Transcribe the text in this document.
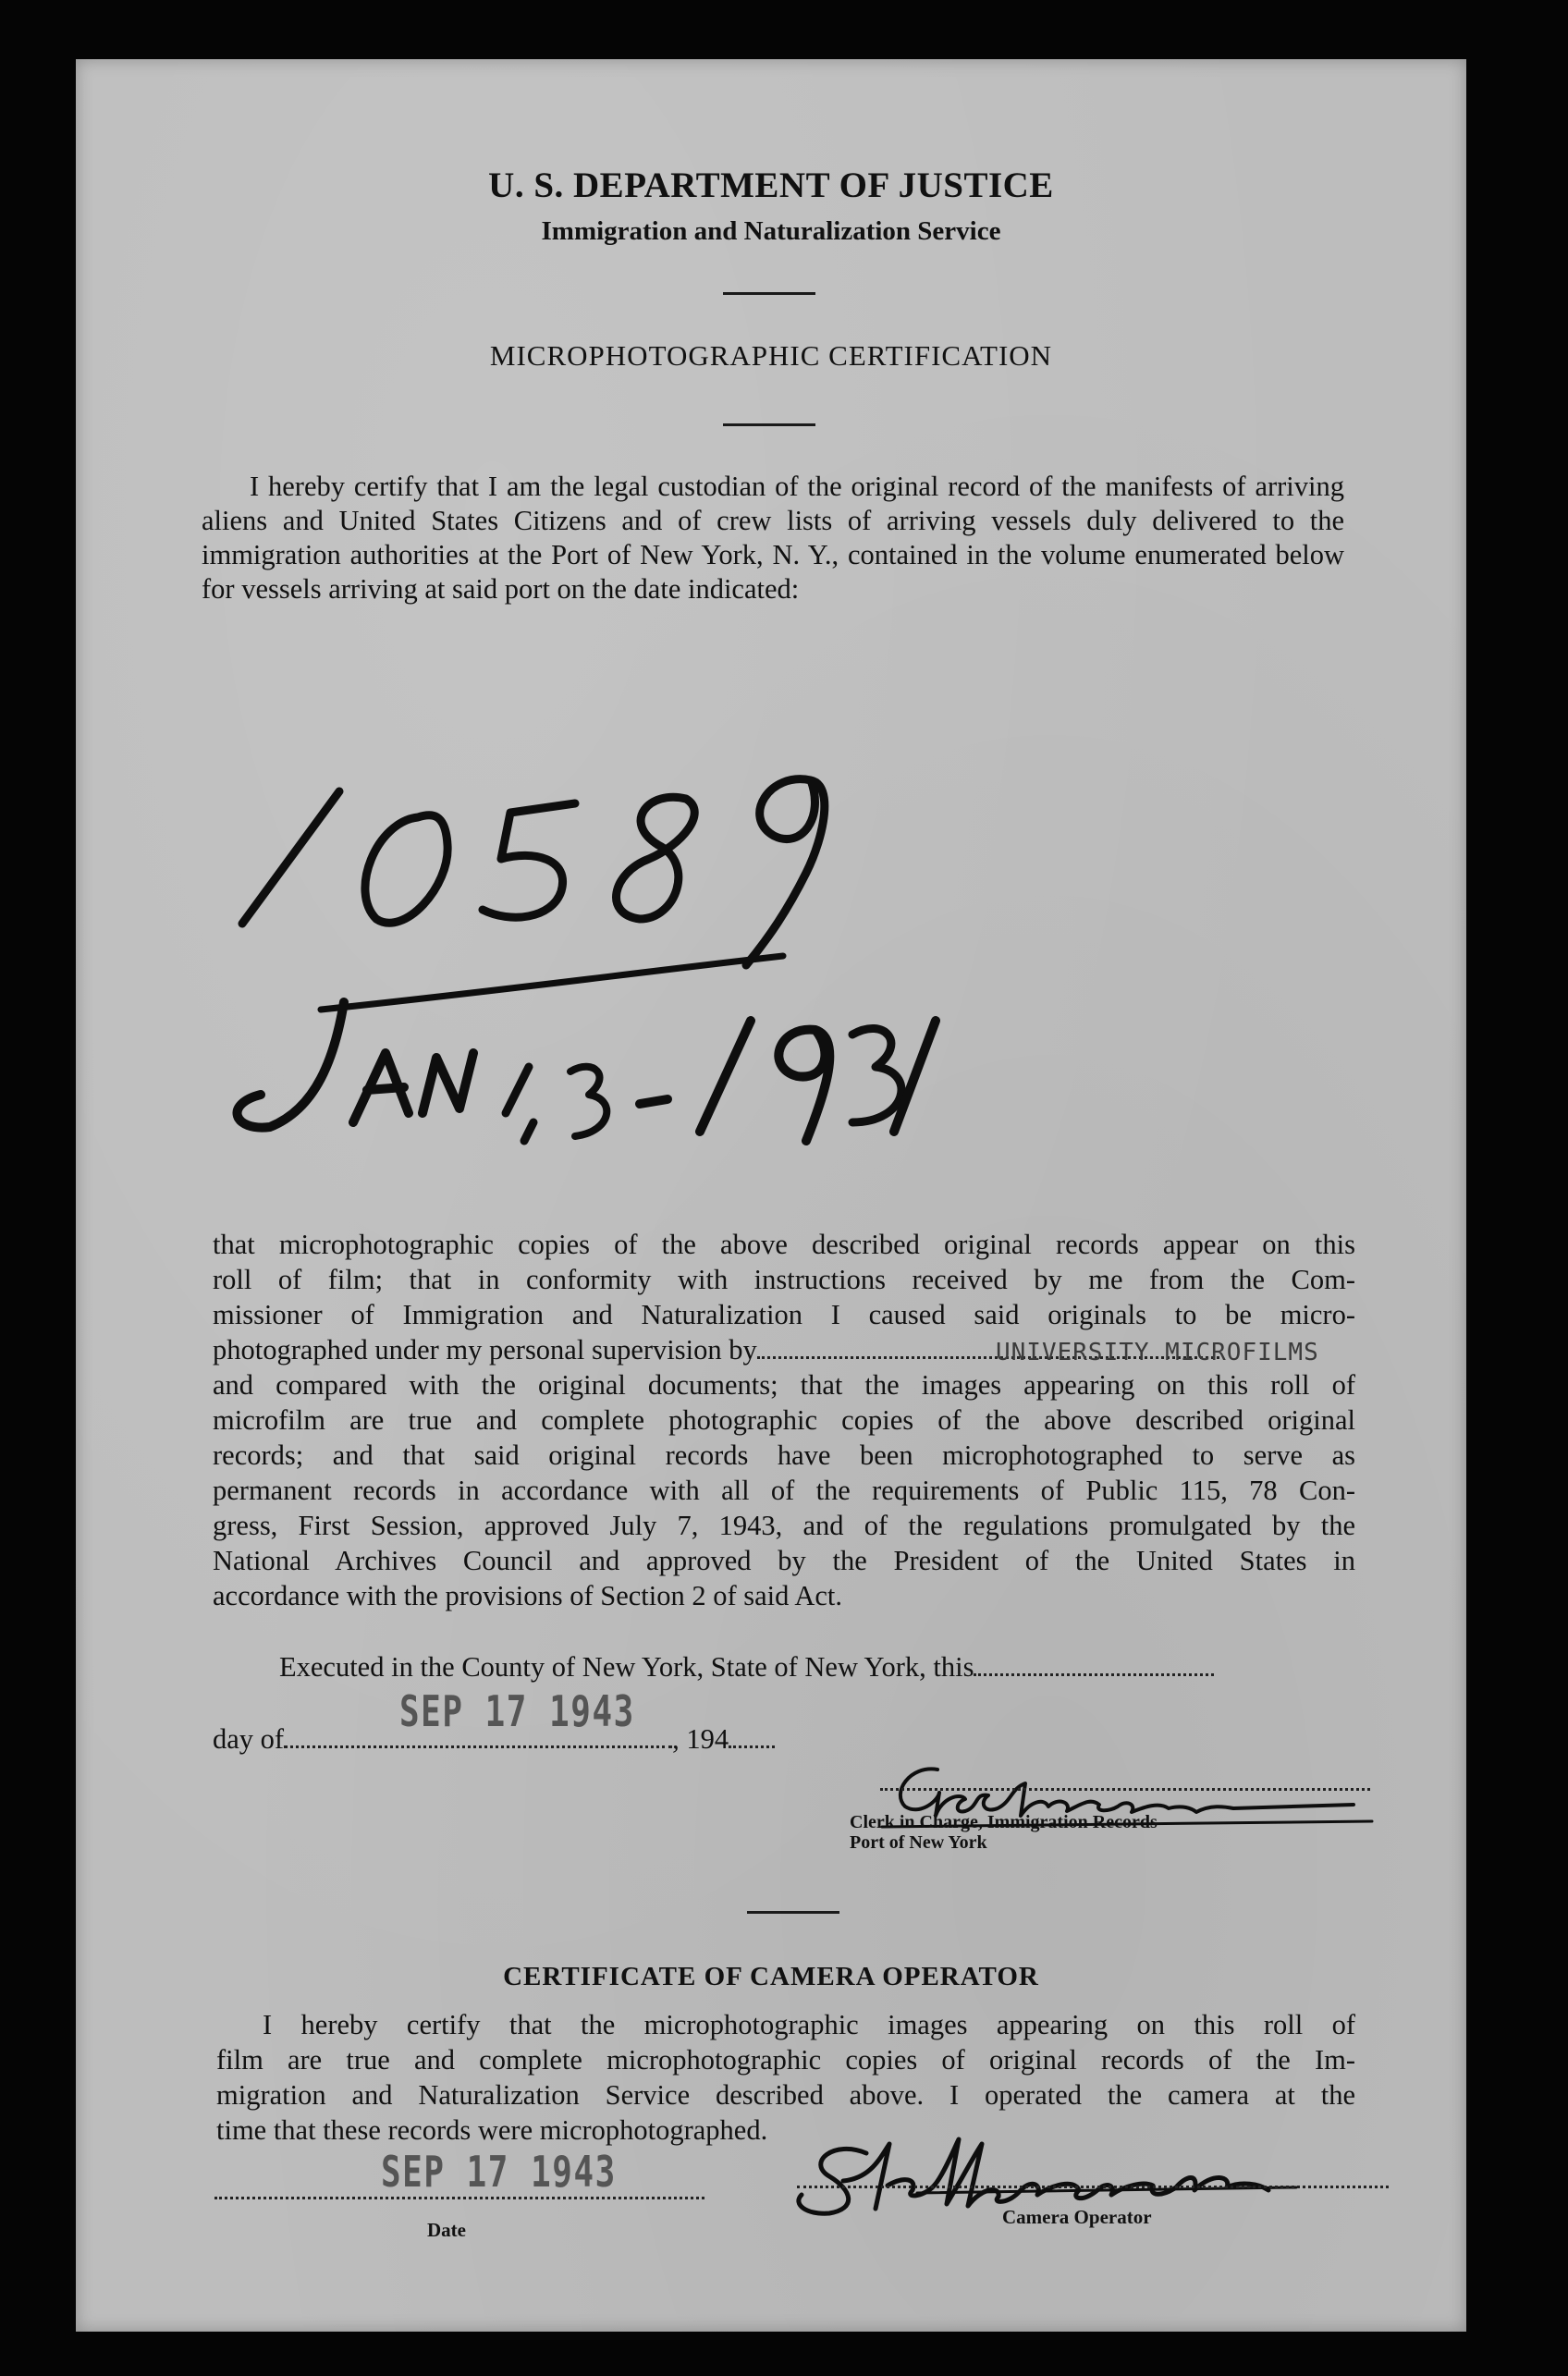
U. S. DEPARTMENT OF JUSTICE
Immigration and Naturalization Service
MICROPHOTOGRAPHIC CERTIFICATION
I hereby certify that I am the legal custodian of the original record of the manifests of arriving aliens and United States Citizens and of crew lists of arriving vessels duly delivered to the immigration authorities at the Port of New York, N. Y., contained in the volume enumerated below for vessels arriving at said port on the date indicated:
that microphotographic copies of the above described original records appear on this
roll of film; that in conformity with instructions received by me from the Com-
missioner of Immigration and Naturalization I caused said originals to be micro-
photographed under my personal supervision by
and compared with the original documents; that the images appearing on this roll of
microfilm are true and complete photographic copies of the above described original
records; and that said original records have been microphotographed to serve as
permanent records in accordance with all of the requirements of Public 115, 78 Con-
gress, First Session, approved July 7, 1943, and of the regulations promulgated by the
National Archives Council and approved by the President of the United States in
accordance with the provisions of Section 2 of said Act.
UNIVERSITY MICROFILMS
Executed in the County of New York, State of New York, this
SEP 17 1943
day of	, 194
Clerk in Charge, Immigration Records
Port of New York
CERTIFICATE OF CAMERA OPERATOR
I hereby certify that the microphotographic images appearing on this roll of
film are true and complete microphotographic copies of original records of the Im-
migration and Naturalization Service described above. I operated the camera at the
time that these records were microphotographed.
SEP 17 1943
Date
Camera Operator
